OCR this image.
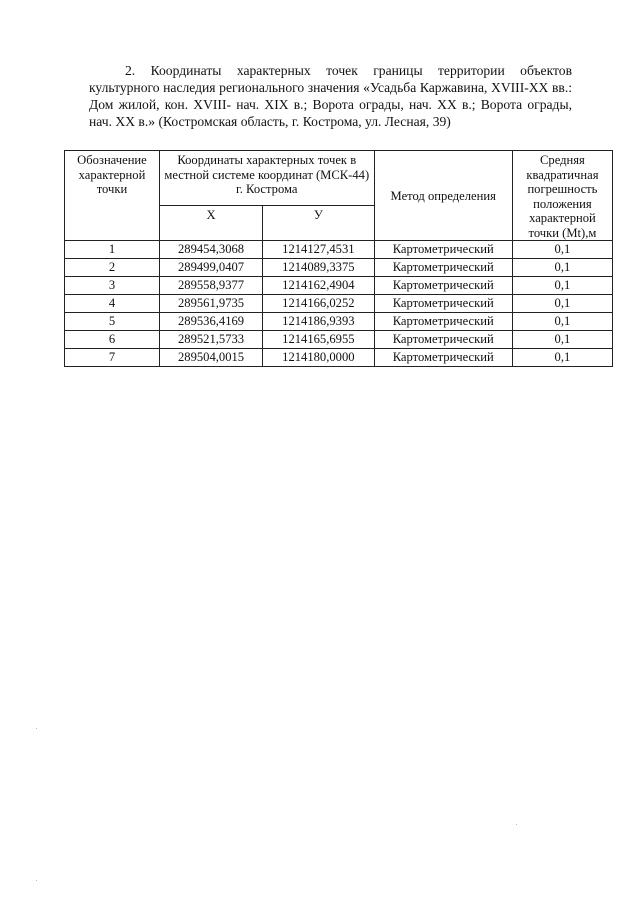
2. Координаты характерных точек границы территории объектов культурного наследия регионального значения «Усадьба Каржавина, XVIII-XX вв.: Дом жилой, кон. XVIII- нач. XIX в.; Ворота ограды, нач. XX в.; Ворота ограды, нач. XX в.» (Костромская область, г. Кострома, ул. Лесная, 39)

Обозначение характерной точки	Координаты характерных точек в местной системе координат (МСК-44) г. Кострома		Метод определения	Средняя квадратичная погрешность положения характерной точки (Mt),м
	X	У		
1	289454,3068	1214127,4531	Картометрический	0,1
2	289499,0407	1214089,3375	Картометрический	0,1
3	289558,9377	1214162,4904	Картометрический	0,1
4	289561,9735	1214166,0252	Картометрический	0,1
5	289536,4169	1214186,9393	Картометрический	0,1
6	289521,5733	1214165,6955	Картометрический	0,1
7	289504,0015	1214180,0000	Картометрический	0,1
